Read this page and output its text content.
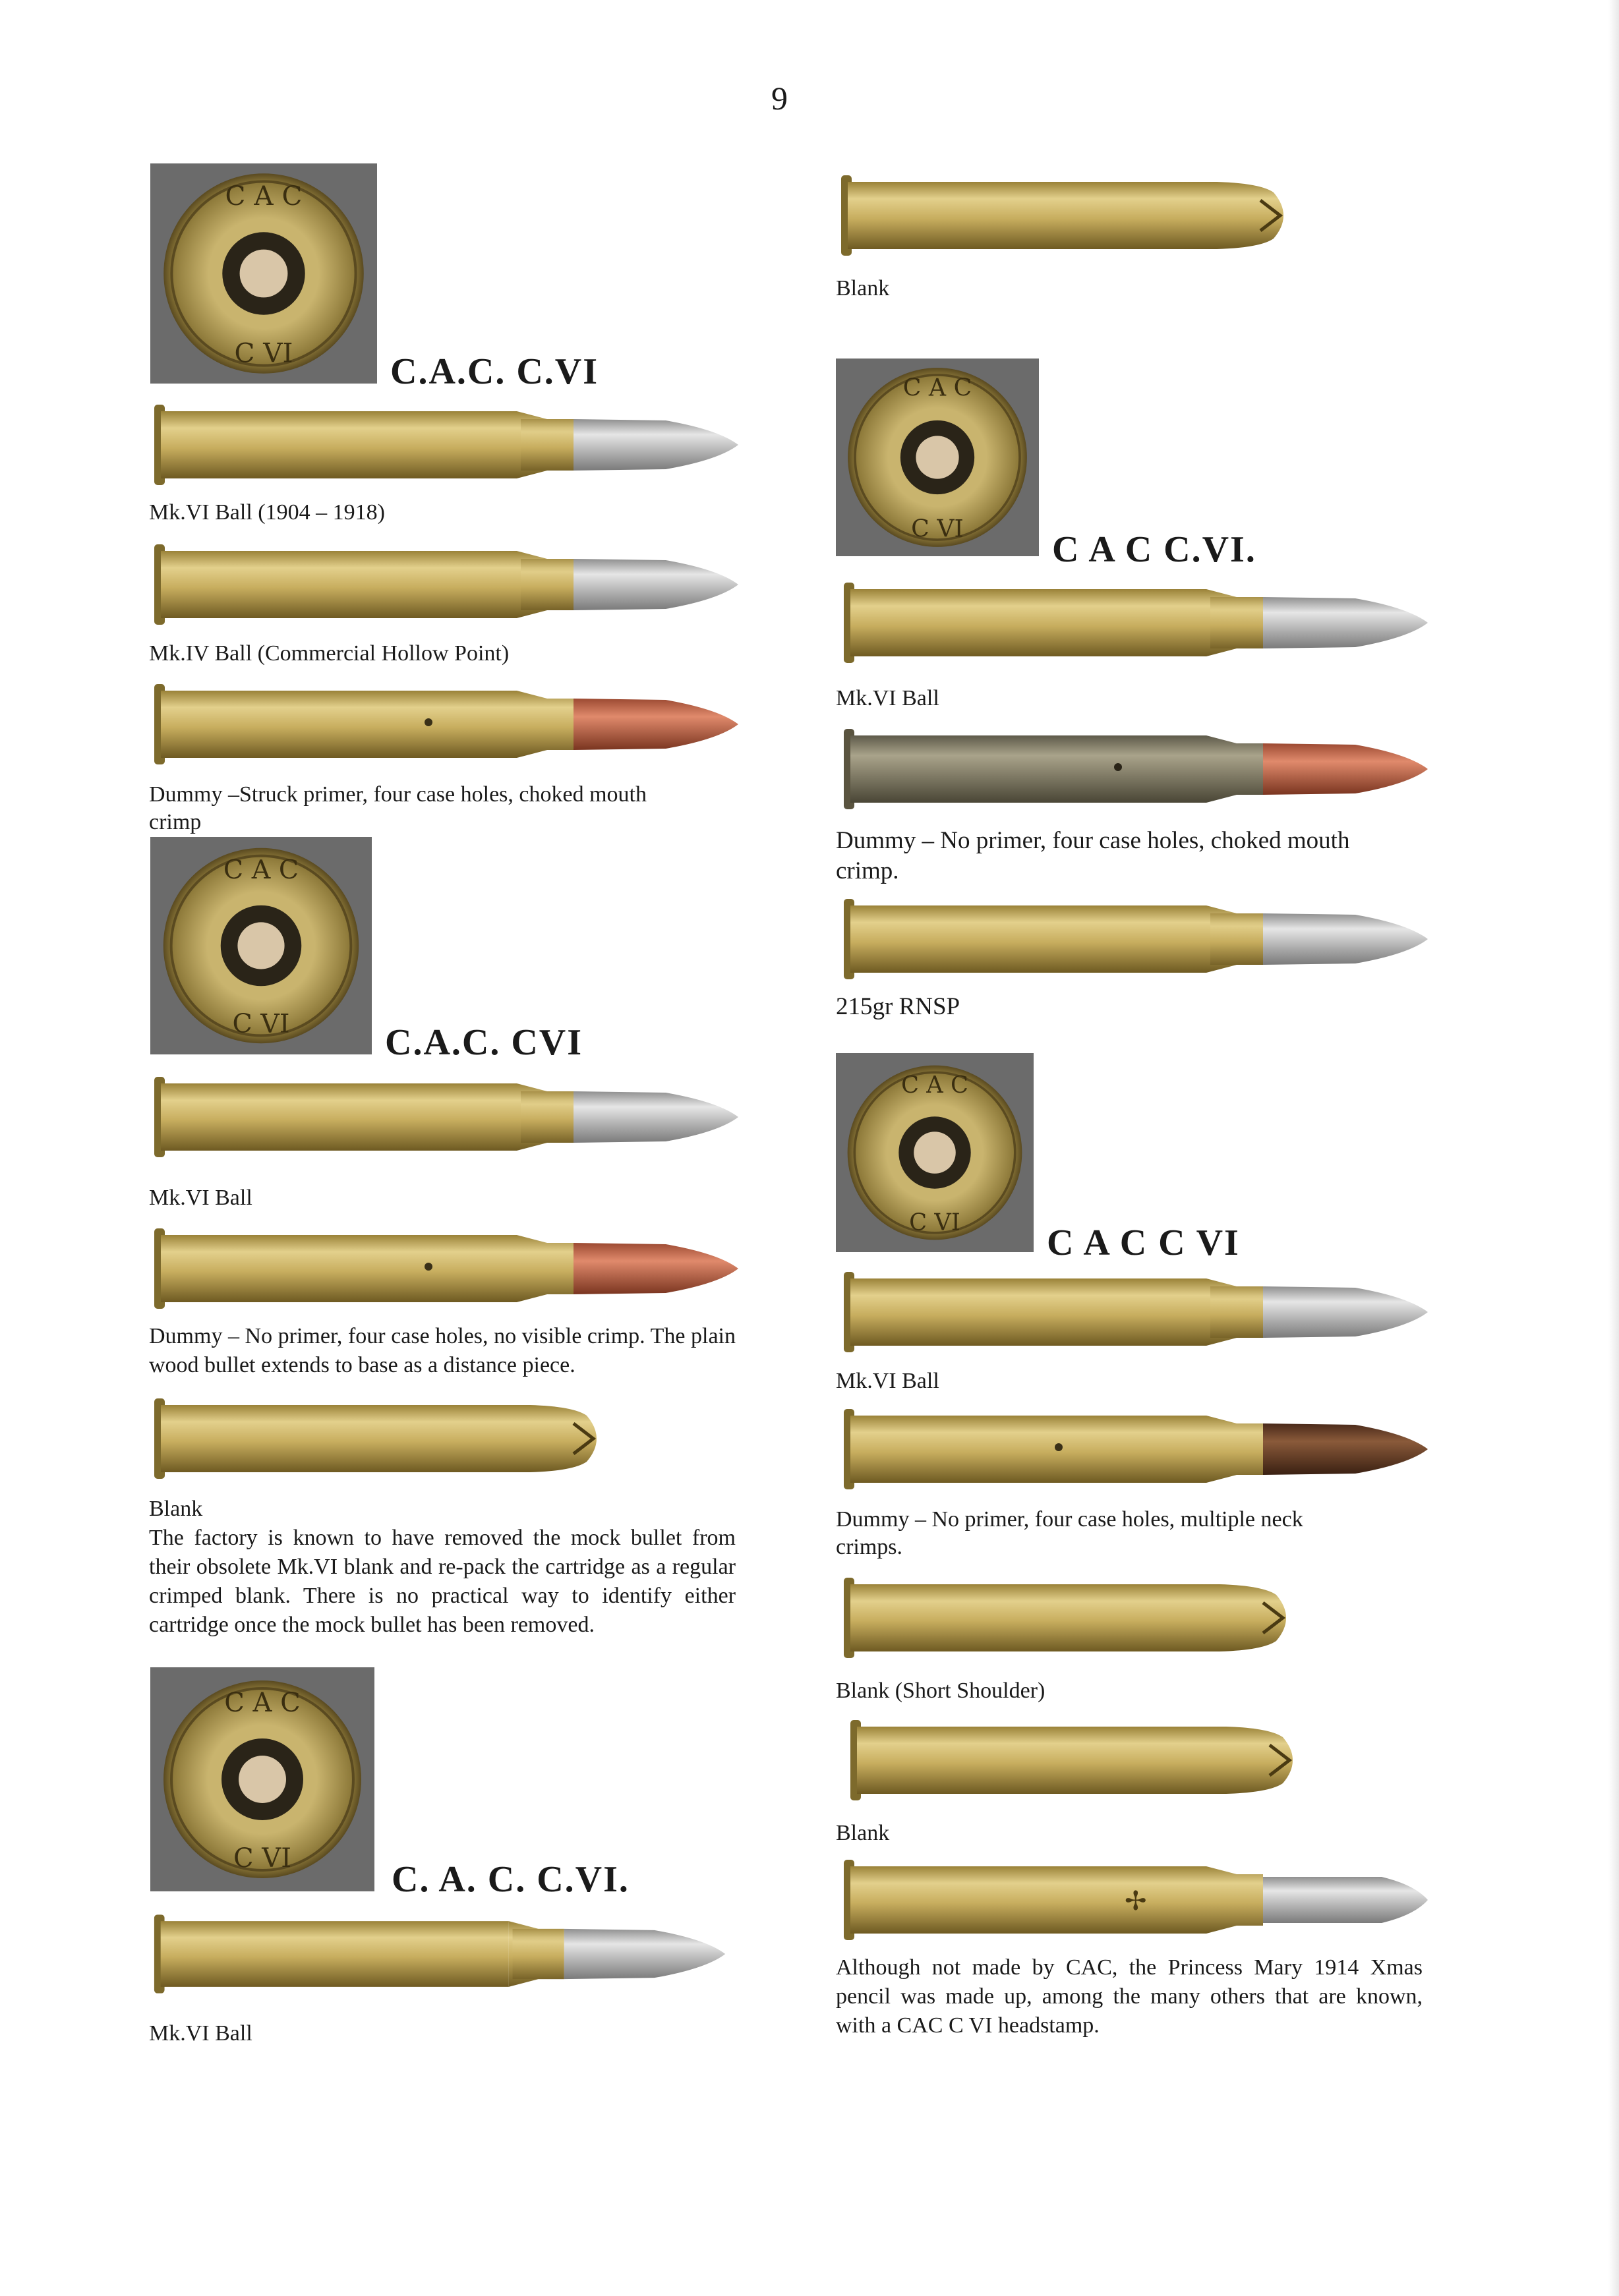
9
C A C
C VI	C.A.C. C.VI
Mk.VI Ball (1904 – 1918)
Mk.IV Ball (Commercial Hollow Point)
Dummy –Struck primer, four case holes, choked mouth
crimp
C A C
C VI	C.A.C. CVI
Mk.VI Ball
Dummy – No primer, four case holes, no visible crimp. The plain wood bullet extends to base as a distance piece.
Blank
The factory is known to have removed the mock bullet from their obsolete Mk.VI blank and re-pack the cartridge as a regular crimped blank. There is no practical way to identify either cartridge once the mock bullet has been removed.
C A C
C VI
C. A. C. C.VI.
Mk.VI Ball
Blank
C A C
C VI
C A C C.VI.
Mk.VI Ball
Dummy – No primer, four case holes, choked mouth
crimp.
215gr RNSP
C A C
C VI
C A C C VI
Mk.VI Ball
Dummy – No primer, four case holes, multiple neck
crimps.
Blank (Short Shoulder)
Blank
Although not made by CAC, the Princess Mary 1914 Xmas pencil was made up, among the many others that are known, with a CAC C VI headstamp.
